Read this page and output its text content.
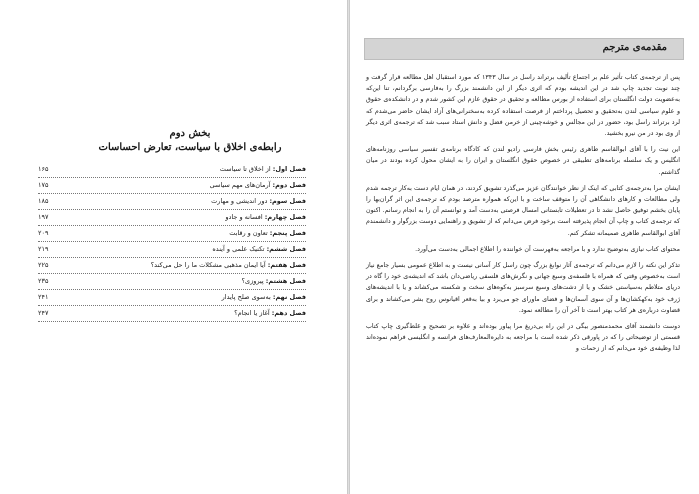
بخش دوم
رابطه‌ی اخلاق با سیاست، تعارض احساسات
فصل اول: از اخلاق تا سیاست
۱۶۵
فصل دوم: آرمان‌های مهم سیاسی
۱۷۵
فصل سوم: دور اندیشی و مهارت
۱۸۵
فصل چهارم: افسانه و جادو
۱۹۷
فصل پنجم: تعاون و رقابت
۲۰۹
فصل ششم: تکنیک علمی و آینده
۲۱۹
فصل هفتم: آیا ایمان مذهبی مشکلات ما را حل می‌کند؟
۲۲۵
فصل هشتم: پیروزی؟
۲۳۵
فصل نهم: به‌سوی صلح پایدار
۲۴۱
فصل دهم: آغاز یا انجام؟
۲۴۷
مقدمه‌ی مترجم

پس از ترجمه‌ی کتاب تأثیر علم بر اجتماع تألیف برتراند راسل در سال ۱۳۴۳ که مورد استقبال اهل مطالعه قرار گرفت و چند نوبت تجدید چاپ شد در این اندیشه بودم که اثری دیگر از این دانشمند بزرگ را به‌فارسی برگردانم، تنا این‌که به‌عضویت دولت انگلستان برای استفاده از بورس مطالعه و تحقیق در حقوق عازم این کشور شدم و در دانشکده‌ی حقوق و علوم سیاسی لندن به‌تحقیق و تحصیل پرداختم از فرصت استفاده کرده به‌سخنرانی‌های آزاد ایشان حاضر می‌شدم که لرد برتراند راسل بود، حضور در این مجالس و خوشه‌چینی از خرمن فضل و دانش استاد سبب شد که ترجمه‌ی اثری دیگر از وی بود در من نیرو بخشید.

این نیت را با آقای ابوالقاسم طاهری رئیس بخش فارسی رادیو لندن که کادگاه برنامه‌ی تفسیر سیاسی روزنامه‌های انگلیس و یک سلسله برنامه‌های تطبیقی در خصوص حقوق انگلستان و ایران را به ایشان محول کرده بودند در میان گذاشتم.

ایشان مرا به‌ترجمه‌ی کتابی که اینک از نظر خوانندگان عزیز می‌گذرد تشویق کردند، در همان ایام دست به‌کار ترجمه شدم ولی مطالعات و کارهای دانشگاهی آن را متوقف ساخت و با این‌که همواره مترصد بودم که ترجمه‌ی این اثر گران‌بها را پایان بخشم توفیق حاصل نشد تا در تعطیلات تابستانی امسال فرصتی به‌دست آمد و توانستم آن را به انجام رسانم. اکنون که ترجمه‌ی کتاب و چاپ آن انجام پذیرفته است برخود فرض می‌دانم که از تشویق و راهنمایی دوست بزرگوار و دانشمندم آقای ابوالقاسم طاهری صمیمانه تشکر کنم.

محتوای کتاب نیازی به‌توضیح ندارد و با مراجعه به‌فهرست آن خواننده را اطلاع اجمالی به‌دست می‌آورد.

تذکر این نکته را لازم می‌دانم که ترجمه‌ی آثار نوابغ بزرگ چون راسل کار آسانی نیست و به اطلاع عمومی بسیار جامع نیاز است به‌خصوص وقتی که همراه با فلسفه‌ی وسیع جهانی و نگرش‌های فلسفی ریاضی‌دان باشد که اندیشه‌ی خود را گاه در دریای متلاطم به‌سیاستی خشک و یا از دشت‌های وسیع سرسبز به‌کوه‌های سخت و شکسته می‌کشاند و یا با اندیشه‌های ژرف خود به‌کهکشان‌ها و آن سوی آسمان‌ها و فضای ماورای جو می‌برد و بیا به‌قعر اقیانوس روح بشر می‌کشاند و برای قضاوت درباره‌ی هر کتاب بهتر است تا آخر آن را مطالعه نمود.

دوست دانشمند آقای محمدمنصور بیگی در این راه بی‌دریغ مرا پیاور بوده‌اند و علاوه بر تصحیح و غلط‌گیری چاپ کتاب قسمتی از توضیحاتی را که در پاورقی ذکر شده است با مراجعه به دایره‌المعارف‌های فرانسه و انگلیسی فراهم نموده‌اند لذا وظیفه‌ی خود می‌دانم که از زحمات و
